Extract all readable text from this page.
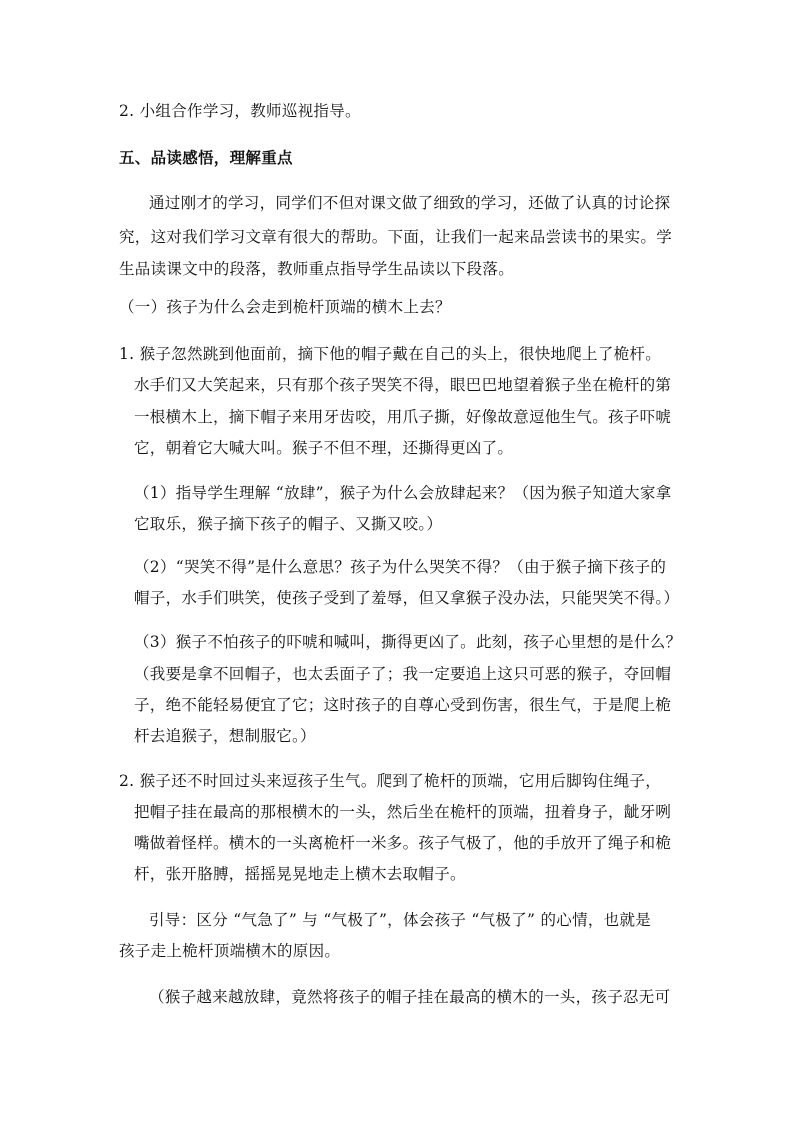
2. 小组合作学习，教师巡视指导。
五、品读感悟，理解重点
通过刚才的学习，同学们不但对课文做了细致的学习，还做了认真的讨论探
究，这对我们学习文章有很大的帮助。下面，让我们一起来品尝读书的果实。学
生品读课文中的段落，教师重点指导学生品读以下段落。
（一）孩子为什么会走到桅杆顶端的横木上去？
1. 猴子忽然跳到他面前，摘下他的帽子戴在自己的头上，很快地爬上了桅杆。
水手们又大笑起来，只有那个孩子哭笑不得，眼巴巴地望着猴子坐在桅杆的第
一根横木上，摘下帽子来用牙齿咬，用爪子撕，好像故意逗他生气。孩子吓唬
它，朝着它大喊大叫。猴子不但不理，还撕得更凶了。
（1）指导学生理解 “放肆”，猴子为什么会放肆起来？（因为猴子知道大家拿
它取乐，猴子摘下孩子的帽子、又撕又咬。）
（2）“哭笑不得”是什么意思？孩子为什么哭笑不得？（由于猴子摘下孩子的
帽子，水手们哄笑，使孩子受到了羞辱，但又拿猴子没办法，只能哭笑不得。）
（3）猴子不怕孩子的吓唬和喊叫，撕得更凶了。此刻，孩子心里想的是什么？
（我要是拿不回帽子，也太丢面子了；我一定要追上这只可恶的猴子，夺回帽
子，绝不能轻易便宜了它；这时孩子的自尊心受到伤害，很生气，于是爬上桅
杆去追猴子，想制服它。）
2. 猴子还不时回过头来逗孩子生气。爬到了桅杆的顶端，它用后脚钩住绳子，
把帽子挂在最高的那根横木的一头，然后坐在桅杆的顶端，扭着身子，龇牙咧
嘴做着怪样。横木的一头离桅杆一米多。孩子气极了，他的手放开了绳子和桅
杆，张开胳膊，摇摇晃晃地走上横木去取帽子。
引导：区分 “气急了” 与 “气极了”，体会孩子 “气极了” 的心情，也就是
孩子走上桅杆顶端横木的原因。
（猴子越来越放肆，竟然将孩子的帽子挂在最高的横木的一头，孩子忍无可
